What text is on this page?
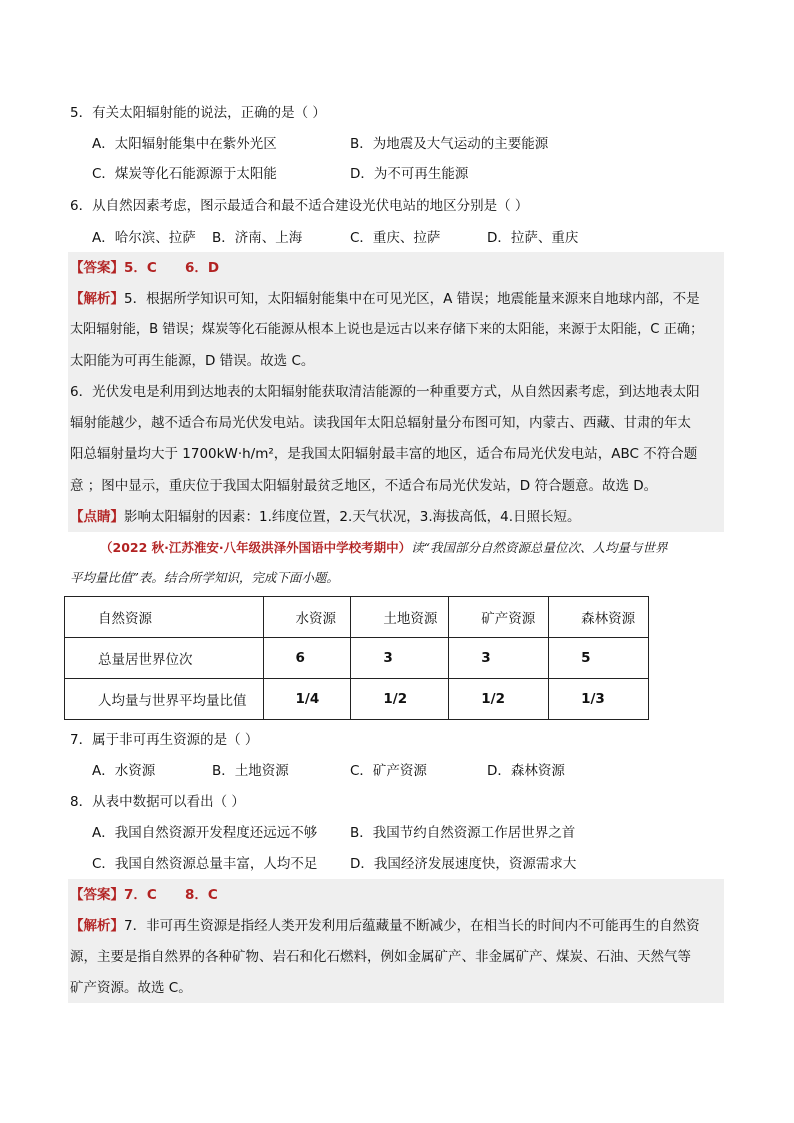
5．有关太阳辐射能的说法，正确的是（ ）
A．太阳辐射能集中在紫外光区	B．为地震及大气运动的主要能源
C．煤炭等化石能源源于太阳能	D．为不可再生能源
6．从自然因素考虑，图示最适合和最不适合建设光伏电站的地区分别是（ ）
A．哈尔滨、拉萨 B．济南、上海	C．重庆、拉萨	D．拉萨、重庆
【答案】5．C      6．D
【解析】5．根据所学知识可知，太阳辐射能集中在可见光区，A 错误；地震能量来源来自地球内部，不是
太阳辐射能，B 错误；煤炭等化石能源从根本上说也是远古以来存储下来的太阳能，来源于太阳能，C 正确；
太阳能为可再生能源，D 错误。故选 C。
6．光伏发电是利用到达地表的太阳辐射能获取清洁能源的一种重要方式，从自然因素考虑，到达地表太阳
辐射能越少，越不适合布局光伏发电站。读我国年太阳总辐射量分布图可知，内蒙古、西藏、甘肃的年太
阳总辐射量均大于 1700kW·h/m²，是我国太阳辐射最丰富的地区，适合布局光伏发电站，ABC 不符合题
意 ；图中显示，重庆位于我国太阳辐射最贫乏地区，不适合布局光伏发站，D 符合题意。故选 D。
【点睛】影响太阳辐射的因素：1.纬度位置，2.天气状况，3.海拔高低，4.日照长短。
（2022 秋·江苏淮安·八年级洪泽外国语中学校考期中）读“我国部分自然资源总量位次、人均量与世界
平均量比值”表。结合所学知识，完成下面小题。
自然资源	水资源	土地资源	矿产资源	森林资源
总量居世界位次	6	3	3	5
人均量与世界平均量比值	1/4	1/2	1/2	1/3
7．属于非可再生资源的是（ ）
A．水资源	B．土地资源	C．矿产资源	D．森林资源
8．从表中数据可以看出（ ）
A．我国自然资源开发程度还远远不够 B．我国节约自然资源工作居世界之首
C．我国自然资源总量丰富，人均不足 D．我国经济发展速度快，资源需求大
【答案】7．C      8．C
【解析】7．非可再生资源是指经人类开发利用后蕴藏量不断减少，在相当长的时间内不可能再生的自然资
源，主要是指自然界的各种矿物、岩石和化石燃料，例如金属矿产、非金属矿产、煤炭、石油、天然气等
矿产资源。故选 C。
